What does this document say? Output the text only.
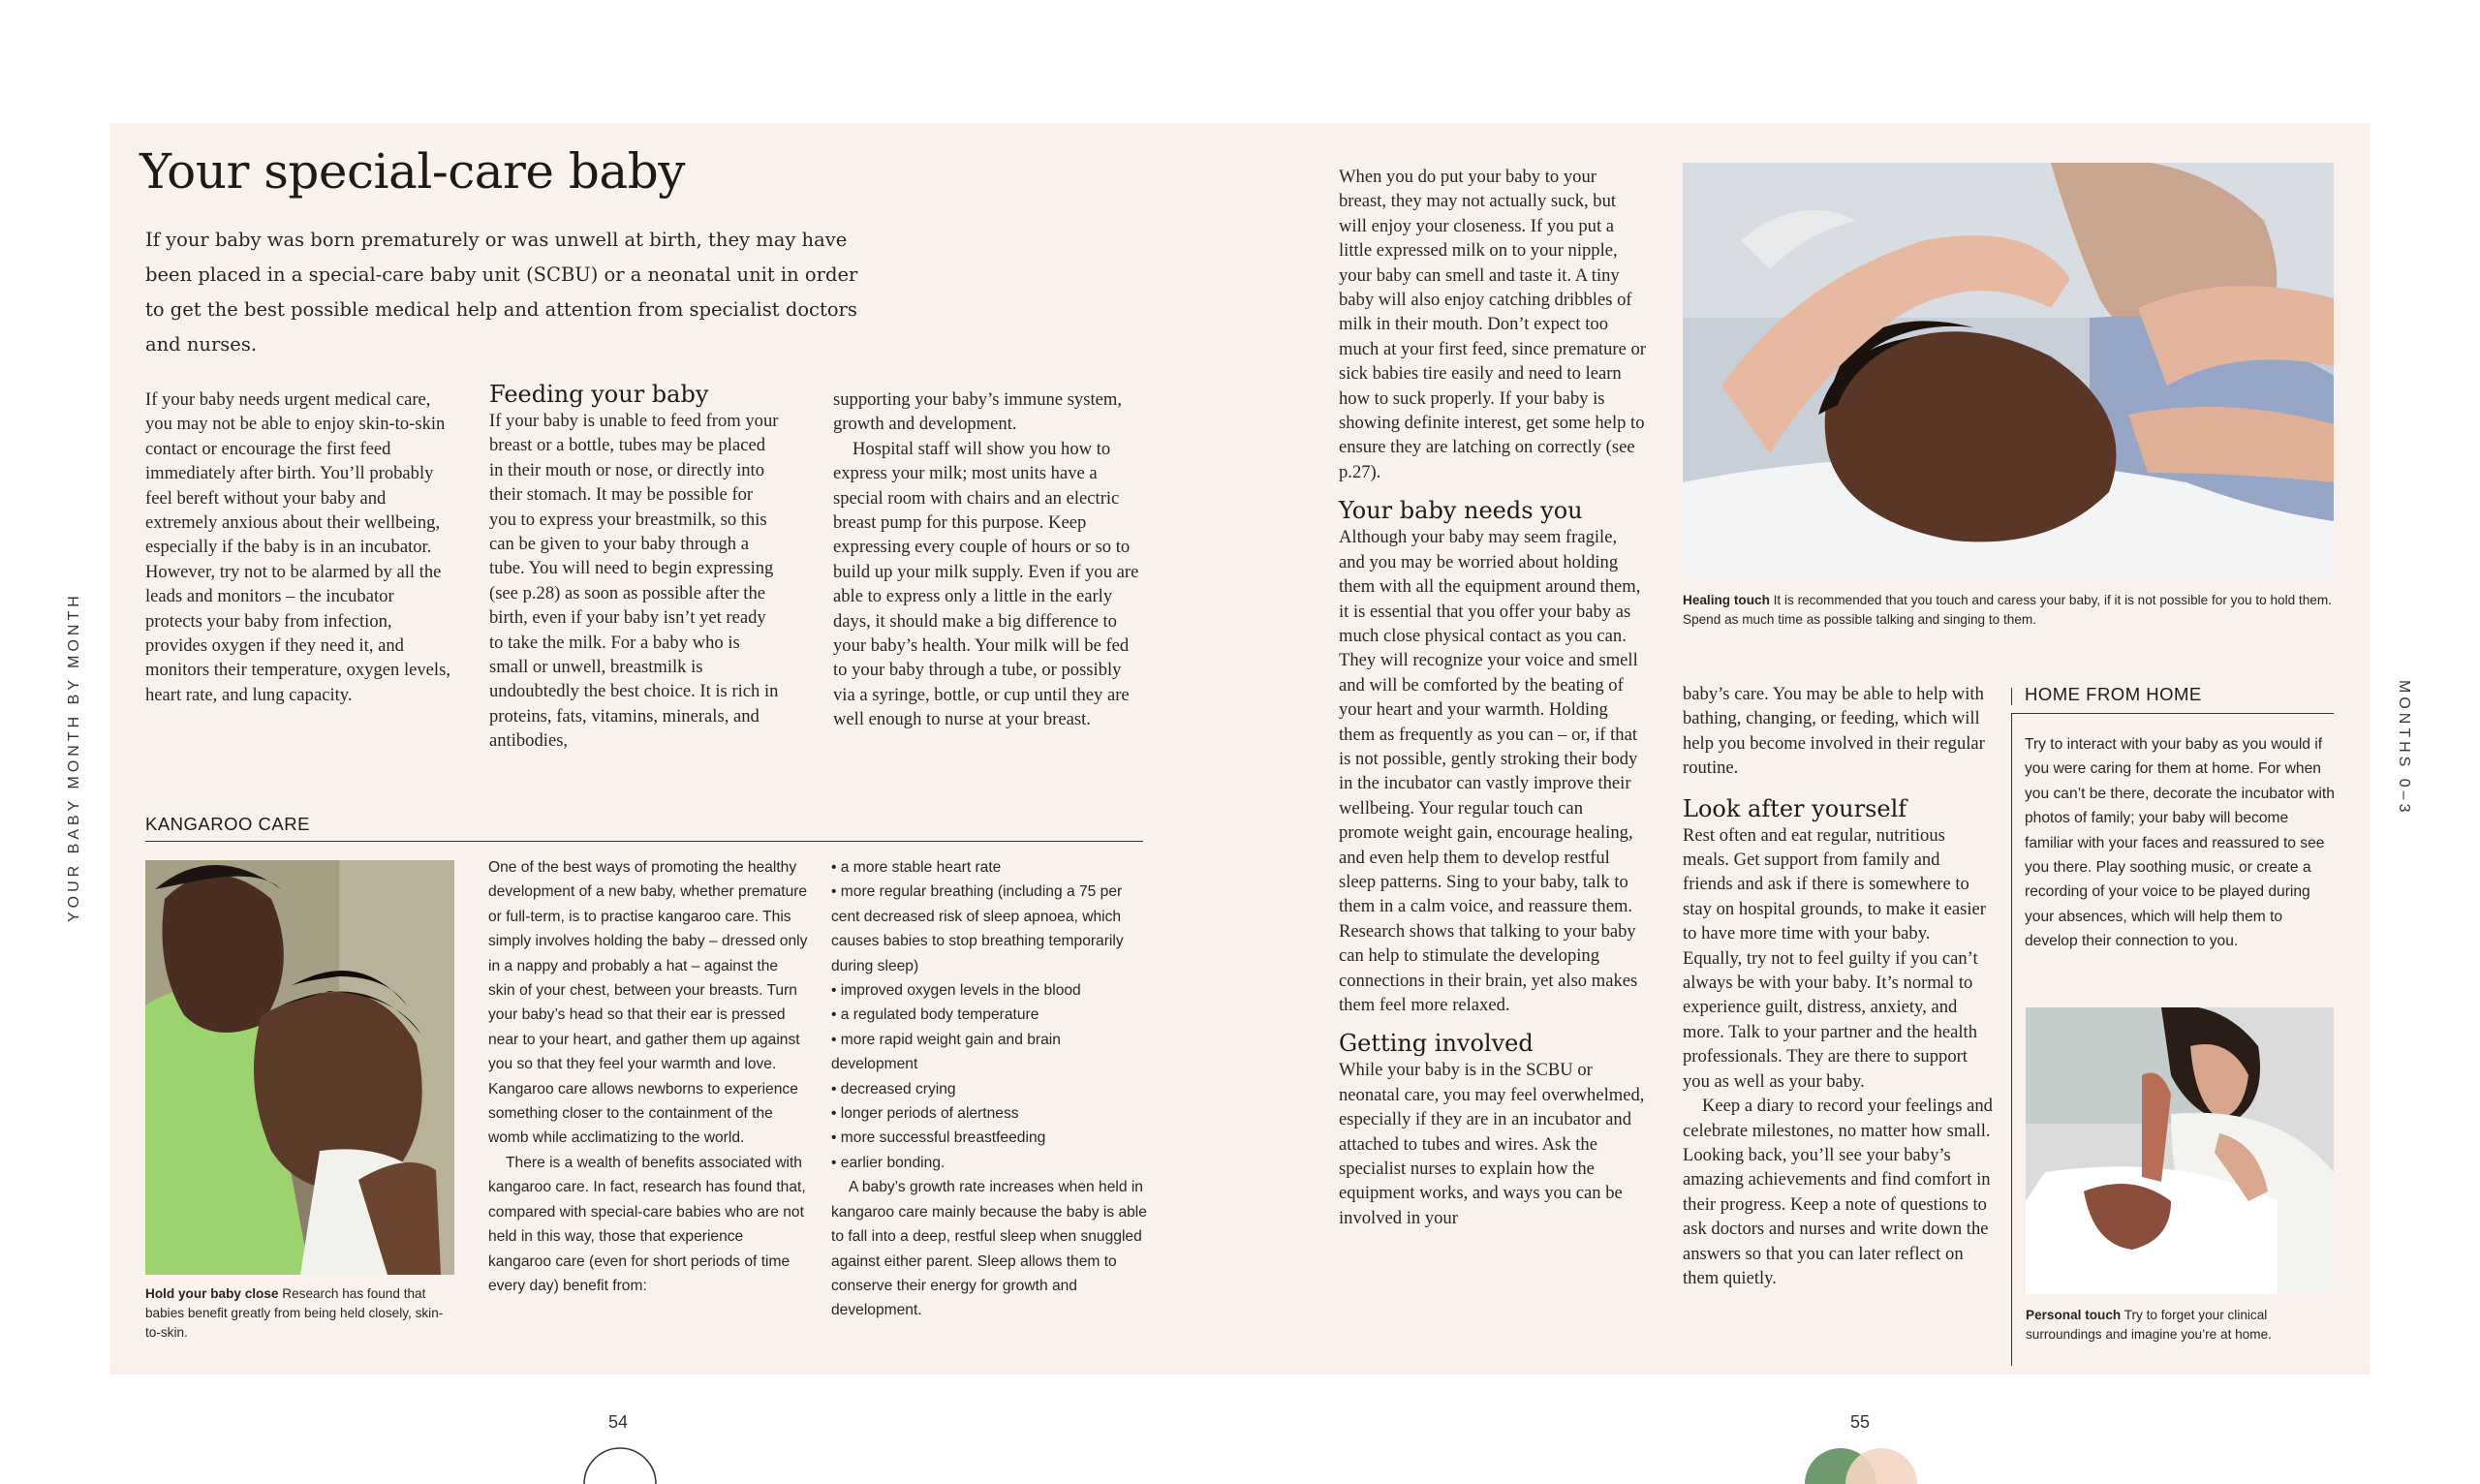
YOUR BABY MONTH BY MONTH	MONTHS 0–3
Your special-care baby

If your baby was born prematurely or was unwell at birth, they may have been placed in a special-care baby unit (SCBU) or a neonatal unit in order to get the best possible medical help and attention from specialist doctors and nurses.

If your baby needs urgent medical care, you may not be able to enjoy skin-to-skin contact or encourage the first feed immediately after birth. You’ll probably feel bereft without your baby and extremely anxious about their wellbeing, especially if the baby is in an incubator. However, try not to be alarmed by all the leads and monitors – the incubator protects your baby from infection, provides oxygen if they need it, and monitors their temperature, oxygen levels, heart rate, and lung capacity.

Feeding your baby

If your baby is unable to feed from your breast or a bottle, tubes may be placed in their mouth or nose, or directly into their stomach. It may be possible for you to express your breastmilk, so this can be given to your baby through a tube. You will need to begin expressing (see p.28) as soon as possible after the birth, even if your baby isn’t yet ready to take the milk. For a baby who is small or unwell, breastmilk is undoubtedly the best choice. It is rich in proteins, fats, vitamins, minerals, and antibodies,

supporting your baby’s immune system, growth and development.

Hospital staff will show you how to express your milk; most units have a special room with chairs and an electric breast pump for this purpose. Keep expressing every couple of hours or so to build up your milk supply. Even if you are able to express only a little in the early days, it should make a big difference to your baby’s health. Your milk will be fed to your baby through a tube, or possibly via a syringe, bottle, or cup until they are well enough to nurse at your breast.

KANGAROO CARE
Hold your baby close Research has found that babies benefit greatly from being held closely, skin-to-skin.

One of the best ways of promoting the healthy development of a new baby, whether premature or full-term, is to practise kangaroo care. This simply involves holding the baby – dressed only in a nappy and probably a hat – against the skin of your chest, between your breasts. Turn your baby’s head so that their ear is pressed near to your heart, and gather them up against you so that they feel your warmth and love. Kangaroo care allows newborns to experience something closer to the containment of the womb while acclimatizing to the world.

There is a wealth of benefits associated with kangaroo care. In fact, research has found that, compared with special-care babies who are not held in this way, those that experience kangaroo care (even for short periods of time every day) benefit from:

• a more stable heart rate
• more regular breathing (including a 75 per cent decreased risk of sleep apnoea, which causes babies to stop breathing temporarily during sleep)
• improved oxygen levels in the blood
• a regulated body temperature
• more rapid weight gain and brain development
• decreased crying
• longer periods of alertness
• more successful breastfeeding
• earlier bonding.

A baby’s growth rate increases when held in kangaroo care mainly because the baby is able to fall into a deep, restful sleep when snuggled against either parent. Sleep allows them to conserve their energy for growth and development.

When you do put your baby to your breast, they may not actually suck, but will enjoy your closeness. If you put a little expressed milk on to your nipple, your baby can smell and taste it. A tiny baby will also enjoy catching dribbles of milk in their mouth. Don’t expect too much at your first feed, since premature or sick babies tire easily and need to learn how to suck properly. If your baby is showing definite interest, get some help to ensure they are latching on correctly (see p.27).

Your baby needs you

Although your baby may seem fragile, and you may be worried about holding them with all the equipment around them, it is essential that you offer your baby as much close physical contact as you can. They will recognize your voice and smell and will be comforted by the beating of your heart and your warmth. Holding them as frequently as you can – or, if that is not possible, gently stroking their body in the incubator can vastly improve their wellbeing. Your regular touch can promote weight gain, encourage healing, and even help them to develop restful sleep patterns. Sing to your baby, talk to them in a calm voice, and reassure them. Research shows that talking to your baby can help to stimulate the developing connections in their brain, yet also makes them feel more relaxed.

Getting involved

While your baby is in the SCBU or neonatal care, you may feel overwhelmed, especially if they are in an incubator and attached to tubes and wires. Ask the specialist nurses to explain how the equipment works, and ways you can be involved in your

Healing touch It is recommended that you touch and caress your baby, if it is not possible for you to hold them. Spend as much time as possible talking and singing to them.

baby’s care. You may be able to help with bathing, changing, or feeding, which will help you become involved in their regular routine.

Look after yourself

Rest often and eat regular, nutritious meals. Get support from family and friends and ask if there is somewhere to stay on hospital grounds, to make it easier to have more time with your baby. Equally, try not to feel guilty if you can’t always be with your baby. It’s normal to experience guilt, distress, anxiety, and more. Talk to your partner and the health professionals. They are there to support you as well as your baby.

Keep a diary to record your feelings and celebrate milestones, no matter how small. Looking back, you’ll see your baby’s amazing achievements and find comfort in their progress. Keep a note of questions to ask doctors and nurses and write down the answers so that you can later reflect on them quietly.

HOME FROM HOME

Try to interact with your baby as you would if you were caring for them at home. For when you can’t be there, decorate the incubator with photos of family; your baby will become familiar with your faces and reassured to see you there. Play soothing music, or create a recording of your voice to be played during your absences, which will help them to develop their connection to you.

Personal touch Try to forget your clinical surroundings and imagine you’re at home.
54	55
